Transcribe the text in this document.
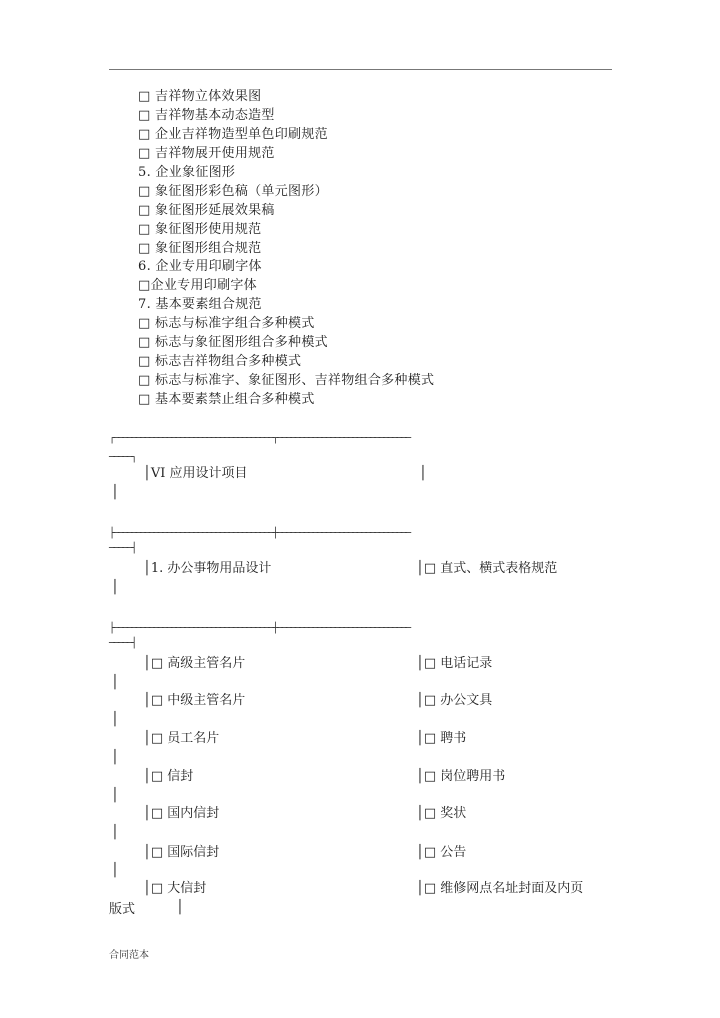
□ 吉祥物立体效果图
□ 吉祥物基本动态造型
□ 企业吉祥物造型单色印刷规范
□ 吉祥物展开使用规范
5. 企业象征图形
□ 象征图形彩色稿（单元图形）
□ 象征图形延展效果稿
□ 象征图形使用规范
□ 象征图形组合规范
6. 企业专用印刷字体
□企业专用印刷字体
7. 基本要素组合规范
□ 标志与标准字组合多种模式
□ 标志与象征图形组合多种模式
□ 标志吉祥物组合多种模式
□ 标志与标准字、象征图形、吉祥物组合多种模式
□ 基本要素禁止组合多种模式
┌────────────────────────────────────┬──────────────────────────────
─────┐
│VI 应用设计项目	│
│
├────────────────────────────────────┼──────────────────────────────
─────┤
│1. 办公事物用品设计	│□ 直式、横式表格规范
│
├────────────────────────────────────┼──────────────────────────────
─────┤
│□ 高级主管名片	│□ 电话记录
│
│□ 中级主管名片	│□ 办公文具
│
│□ 员工名片	│□ 聘书
│
│□ 信封	│□ 岗位聘用书
│
│□ 国内信封	│□ 奖状
│
│□ 国际信封	│□ 公告
│
│□ 大信封	│□ 维修网点名址封面及内页
版式	│
合同范本
